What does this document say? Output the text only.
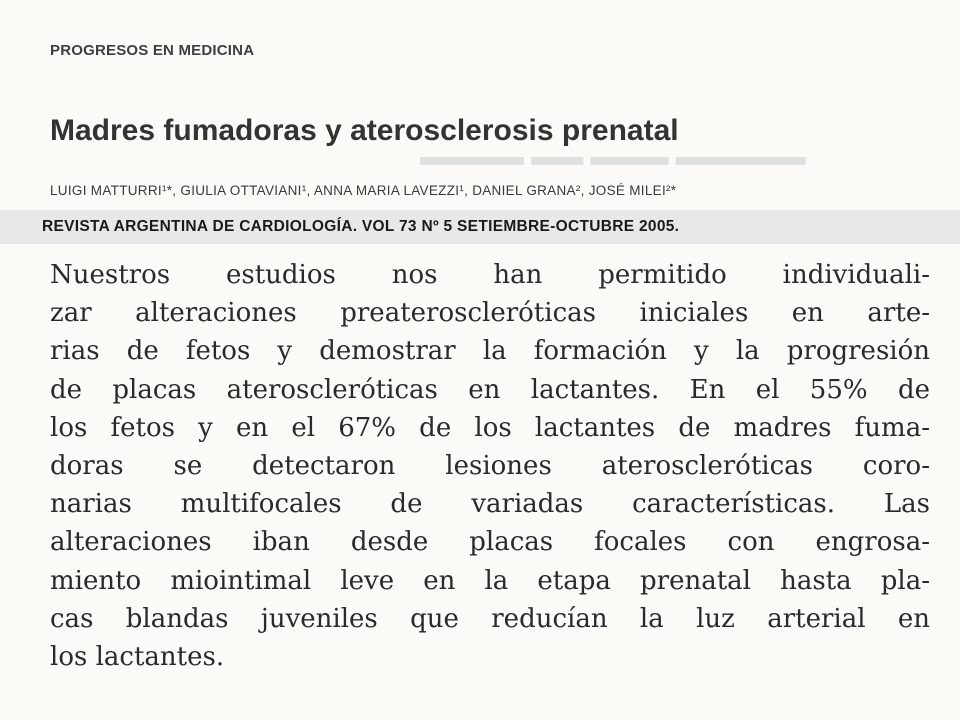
▬▬▬▬ ▬▬ ▬▬▬ ▬▬▬▬▬
PROGRESOS EN MEDICINA
Madres fumadoras y aterosclerosis prenatal

LUIGI MATTURRI¹*, GIULIA OTTAVIANI¹, ANNA MARIA LAVEZZI¹, DANIEL GRANA², JOSÉ MILEI²*

REVISTA ARGENTINA DE CARDIOLOGÍA. VOL 73 Nº 5 SETIEMBRE-OCTUBRE 2005.
Nuestros estudios nos han permitido individuali-
zar alteraciones preateroscleróticas iniciales en arte-
rias de fetos y demostrar la formación y la progresión
de placas ateroscleróticas en lactantes. En el 55% de
los fetos y en el 67% de los lactantes de madres fuma-
doras se detectaron lesiones ateroscleróticas coro-
narias multifocales de variadas características. Las
alteraciones iban desde placas focales con engrosa-
miento miointimal leve en la etapa prenatal hasta pla-
cas blandas juveniles que reducían la luz arterial en
los lactantes.
